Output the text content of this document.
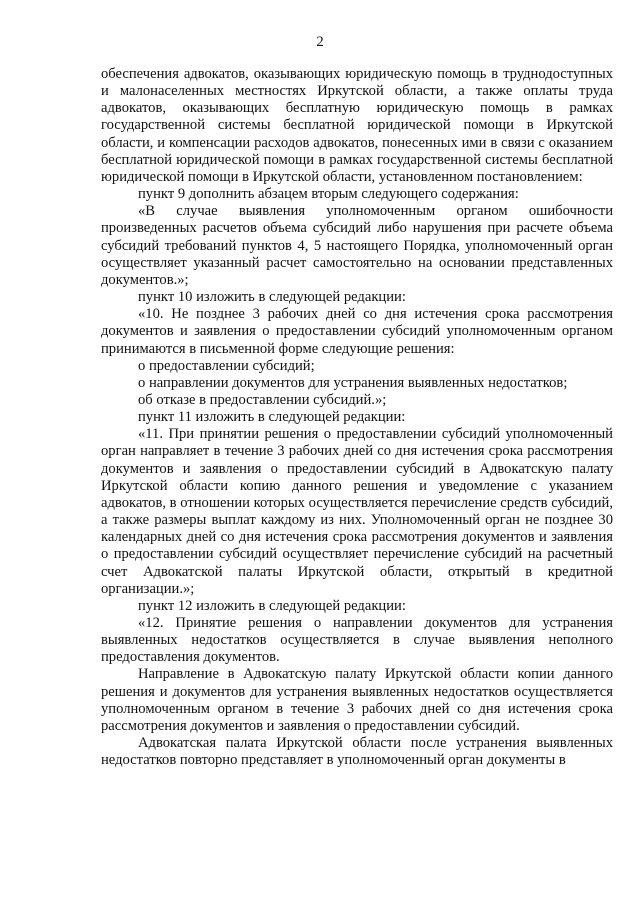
2

обеспечения адвокатов, оказывающих юридическую помощь в труднодоступных и малонаселенных местностях Иркутской области, а также оплаты труда адвокатов, оказывающих бесплатную юридическую помощь в рамках государственной системы бесплатной юридической помощи в Иркутской области, и компенсации расходов адвокатов, понесенных ими в связи с оказанием бесплатной юридической помощи в рамках государственной системы бесплатной юридической помощи в Иркутской области, установленном постановлением:

пункт 9 дополнить абзацем вторым следующего содержания:

«В случае выявления уполномоченным органом ошибочности произведенных расчетов объема субсидий либо нарушения при расчете объема субсидий требований пунктов 4, 5 настоящего Порядка, уполномоченный орган осуществляет указанный расчет самостоятельно на основании представленных документов.»;

пункт 10 изложить в следующей редакции:

«10. Не позднее 3 рабочих дней со дня истечения срока рассмотрения документов и заявления о предоставлении субсидий уполномоченным органом принимаются в письменной форме следующие решения:

о предоставлении субсидий;

о направлении документов для устранения выявленных недостатков;

об отказе в предоставлении субсидий.»;

пункт 11 изложить в следующей редакции:

«11. При принятии решения о предоставлении субсидий уполномоченный орган направляет в течение 3 рабочих дней со дня истечения срока рассмотрения документов и заявления о предоставлении субсидий в Адвокатскую палату Иркутской области копию данного решения и уведомление с указанием адвокатов, в отношении которых осуществляется перечисление средств субсидий, а также размеры выплат каждому из них. Уполномоченный орган не позднее 30 календарных дней со дня истечения срока рассмотрения документов и заявления о предоставлении субсидий осуществляет перечисление субсидий на расчетный счет Адвокатской палаты Иркутской области, открытый в кредитной организации.»;

пункт 12 изложить в следующей редакции:

«12. Принятие решения о направлении документов для устранения выявленных недостатков осуществляется в случае выявления неполного предоставления документов.

Направление в Адвокатскую палату Иркутской области копии данного решения и документов для устранения выявленных недостатков осуществляется уполномоченным органом в течение 3 рабочих дней со дня истечения срока рассмотрения документов и заявления о предоставлении субсидий.

Адвокатская палата Иркутской области после устранения выявленных недостатков повторно представляет в уполномоченный орган документы в
